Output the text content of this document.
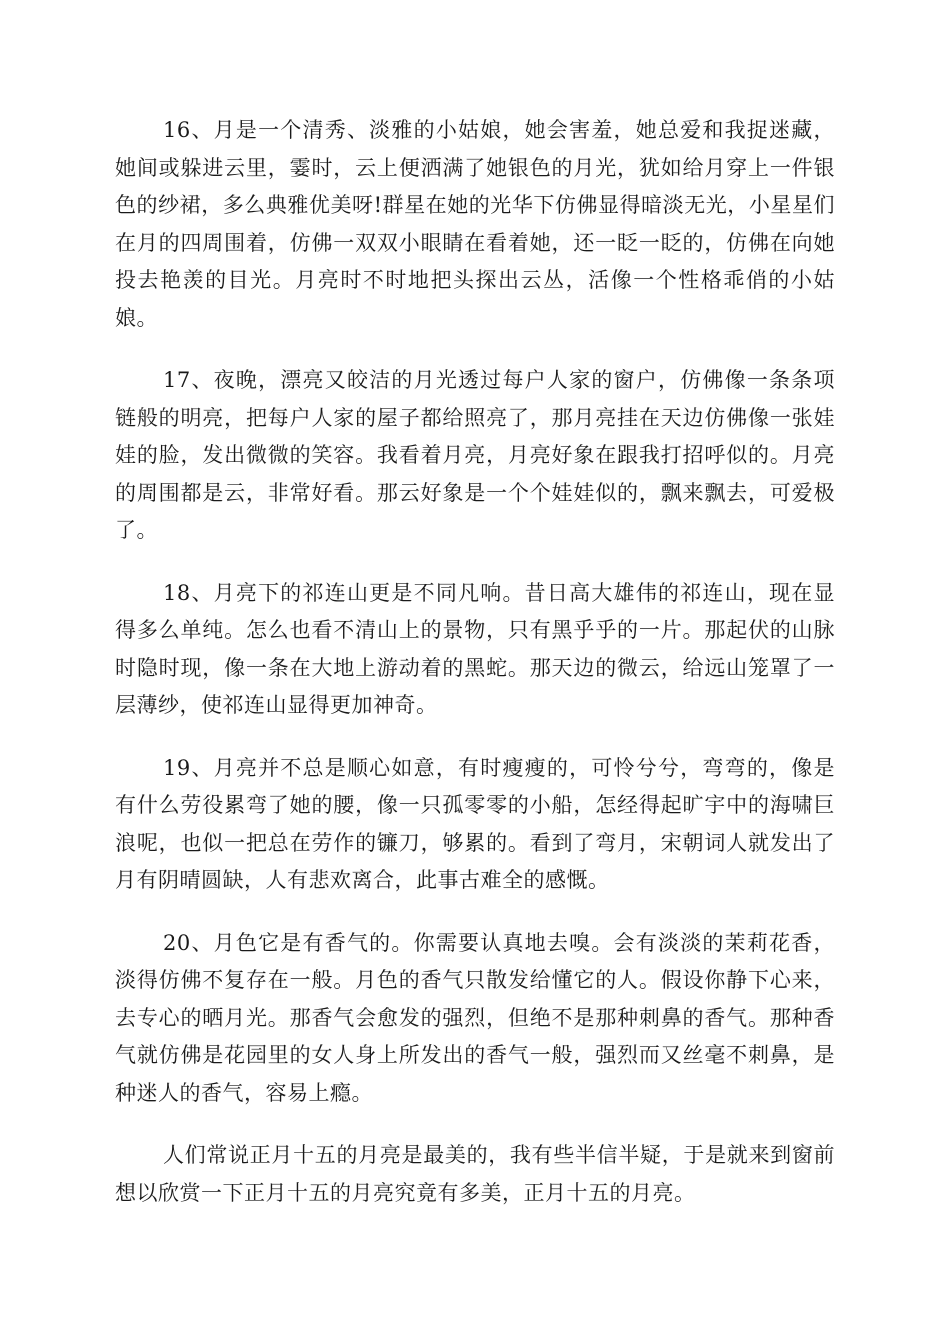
16、月是一个清秀、淡雅的小姑娘，她会害羞，她总爱和我捉迷藏，她间或躲进云里，霎时，云上便洒满了她银色的月光，犹如给月穿上一件银色的纱裙，多么典雅优美呀!群星在她的光华下仿佛显得暗淡无光，小星星们在月的四周围着，仿佛一双双小眼睛在看着她，还一眨一眨的，仿佛在向她投去艳羡的目光。月亮时不时地把头探出云丛，活像一个性格乖俏的小姑娘。

17、夜晚，漂亮又皎洁的月光透过每户人家的窗户，仿佛像一条条项链般的明亮，把每户人家的屋子都给照亮了，那月亮挂在天边仿佛像一张娃娃的脸，发出微微的笑容。我看着月亮，月亮好象在跟我打招呼似的。月亮的周围都是云，非常好看。那云好象是一个个娃娃似的，飘来飘去，可爱极了。

18、月亮下的祁连山更是不同凡响。昔日高大雄伟的祁连山，现在显得多么单纯。怎么也看不清山上的景物，只有黑乎乎的一片。那起伏的山脉时隐时现，像一条在大地上游动着的黑蛇。那天边的微云，给远山笼罩了一层薄纱，使祁连山显得更加神奇。

19、月亮并不总是顺心如意，有时瘦瘦的，可怜兮兮，弯弯的，像是有什么劳役累弯了她的腰，像一只孤零零的小船，怎经得起旷宇中的海啸巨浪呢，也似一把总在劳作的镰刀，够累的。看到了弯月，宋朝词人就发出了月有阴晴圆缺，人有悲欢离合，此事古难全的感慨。

20、月色它是有香气的。你需要认真地去嗅。会有淡淡的茉莉花香，淡得仿佛不复存在一般。月色的香气只散发给懂它的人。假设你静下心来，去专心的晒月光。那香气会愈发的强烈，但绝不是那种刺鼻的香气。那种香气就仿佛是花园里的女人身上所发出的香气一般，强烈而又丝毫不刺鼻，是种迷人的香气，容易上瘾。

人们常说正月十五的月亮是最美的，我有些半信半疑，于是就来到窗前想以欣赏一下正月十五的月亮究竟有多美，正月十五的月亮。
